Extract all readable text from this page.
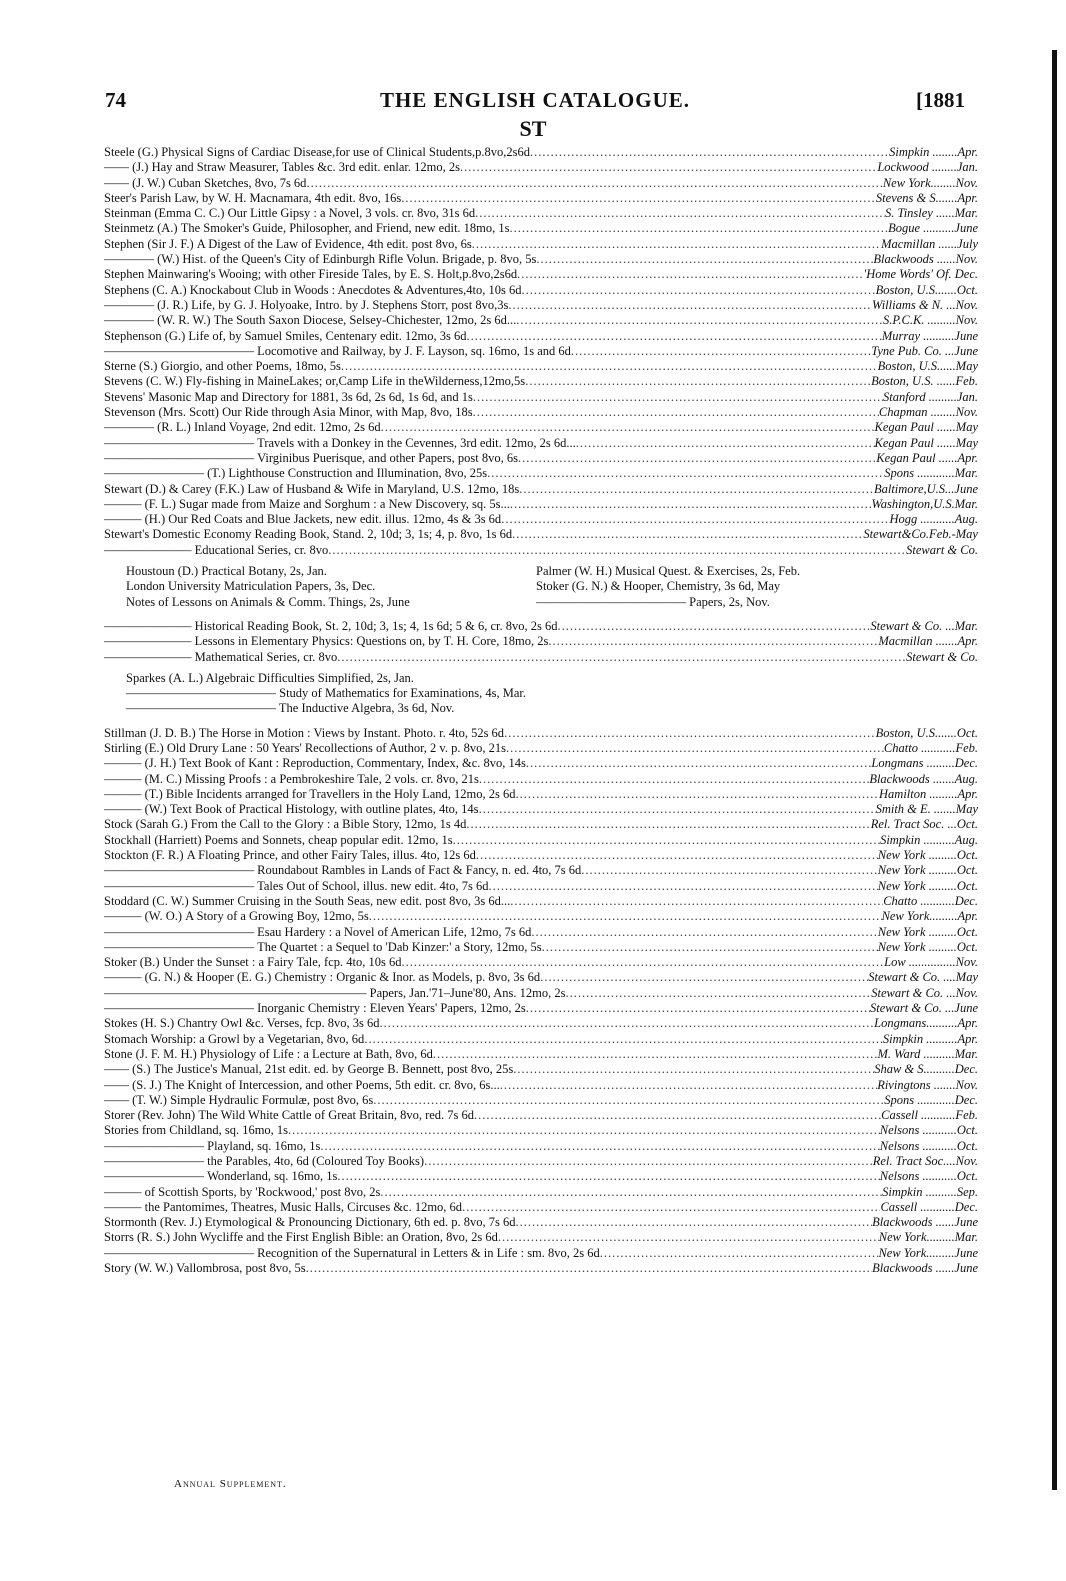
74	THE ENGLISH CATALOGUE.	[1881
ST
Steele (G.) Physical Signs of Cardiac Disease,for use of Clinical Students,p.8vo,2s6d .....	Simpkin ........Apr.
—— (J.) Hay and Straw Measurer, Tables &c. 3rd edit. enlar. 12mo, 2s .....	Lockwood ........Jan.
—— (J. W.) Cuban Sketches, 8vo, 7s 6d .....	New York........Nov.
Steer's Parish Law, by W. H. Macnamara, 4th edit. 8vo, 16s .....	Stevens & S.......Apr.
Steinman (Emma C. C.) Our Little Gipsy : a Novel, 3 vols. cr. 8vo, 31s 6d .....	S. Tinsley ......Mar.
Steinmetz (A.) The Smoker's Guide, Philosopher, and Friend, new edit. 18mo, 1s .....	Bogue ..........June
Stephen (Sir J. F.) A Digest of the Law of Evidence, 4th edit. post 8vo, 6s .....	Macmillan ......July
———— (W.) Hist. of the Queen's City of Edinburgh Rifle Volun. Brigade, p. 8vo, 5s .....	Blackwoods ......Nov.
Stephen Mainwaring's Wooing; with other Fireside Tales, by E. S. Holt,p.8vo,2s6d .....	'Home Words' Of. Dec.
Stephens (C. A.) Knockabout Club in Woods : Anecdotes & Adventures,4to, 10s 6d .....	Boston, U.S.......Oct.
———— (J. R.) Life, by G. J. Holyoake, Intro. by J. Stephens Storr, post 8vo,3s .....	Williams & N. ...Nov.
———— (W. R. W.) The South Saxon Diocese, Selsey-Chichester, 12mo, 2s 6d... .....	S.P.C.K. .........Nov.
Stephenson (G.) Life of, by Samuel Smiles, Centenary edit. 12mo, 3s 6d .....	Murray ..........June
———————————— Locomotive and Railway, by J. F. Layson, sq. 16mo, 1s and 6d .....	Tyne Pub. Co. ...June
Sterne (S.) Giorgio, and other Poems, 18mo, 5s .....	Boston, U.S......May
Stevens (C. W.) Fly-fishing in MaineLakes; or,Camp Life in theWilderness,12mo,5s .....	Boston, U.S. ......Feb.
Stevens' Masonic Map and Directory for 1881, 3s 6d, 2s 6d, 1s 6d, and 1s .....	Stanford .........Jan.
Stevenson (Mrs. Scott) Our Ride through Asia Minor, with Map, 8vo, 18s .....	Chapman ........Nov.
———— (R. L.) Inland Voyage, 2nd edit. 12mo, 2s 6d .....	Kegan Paul ......May
———————————— Travels with a Donkey in the Cevennes, 3rd edit. 12mo, 2s 6d... .....	Kegan Paul ......May
———————————— Virginibus Puerisque, and other Papers, post 8vo, 6s .....	Kegan Paul ......Apr.
———————— (T.) Lighthouse Construction and Illumination, 8vo, 25s .....	Spons ............Mar.
Stewart (D.) & Carey (F.K.) Law of Husband & Wife in Maryland, U.S. 12mo, 18s .....	Baltimore,U.S...June
——— (F. L.) Sugar made from Maize and Sorghum : a New Discovery, sq. 5s... .....	Washington,U.S.Mar.
——— (H.) Our Red Coats and Blue Jackets, new edit. illus. 12mo, 4s & 3s 6d .....	Hogg ...........Aug.
Stewart's Domestic Economy Reading Book, Stand. 2, 10d; 3, 1s; 4, p. 8vo, 1s 6d .....	Stewart&Co.Feb.-May
——————— Educational Series, cr. 8vo .....	Stewart & Co.
Houstoun (D.) Practical Botany, 2s, Jan.	Palmer (W. H.) Musical Quest. & Exercises, 2s, Feb.
London University Matriculation Papers, 3s, Dec.	Stoker (G. N.) & Hooper, Chemistry, 3s 6d, May
Notes of Lessons on Animals & Comm. Things, 2s, June	———————————— Papers, 2s, Nov.
——————— Historical Reading Book, St. 2, 10d; 3, 1s; 4, 1s 6d; 5 & 6, cr. 8vo, 2s 6d .....	Stewart & Co. ...Mar.
——————— Lessons in Elementary Physics: Questions on, by T. H. Core, 18mo, 2s .....	Macmillan .......Apr.
——————— Mathematical Series, cr. 8vo .....	Stewart & Co.
Sparkes (A. L.) Algebraic Difficulties Simplified, 2s, Jan.
———————————— Study of Mathematics for Examinations, 4s, Mar.
———————————— The Inductive Algebra, 3s 6d, Nov.
Stillman (J. D. B.) The Horse in Motion : Views by Instant. Photo. r. 4to, 52s 6d .....	Boston, U.S.......Oct.
Stirling (E.) Old Drury Lane : 50 Years' Recollections of Author, 2 v. p. 8vo, 21s .....	Chatto ...........Feb.
——— (J. H.) Text Book of Kant : Reproduction, Commentary, Index, &c. 8vo, 14s .....	Longmans .........Dec.
——— (M. C.) Missing Proofs : a Pembrokeshire Tale, 2 vols. cr. 8vo, 21s .....	Blackwoods .......Aug.
——— (T.) Bible Incidents arranged for Travellers in the Holy Land, 12mo, 2s 6d .....	Hamilton .........Apr.
——— (W.) Text Book of Practical Histology, with outline plates, 4to, 14s .....	Smith & E. .......May
Stock (Sarah G.) From the Call to the Glory : a Bible Story, 12mo, 1s 4d .....	Rel. Tract Soc. ...Oct.
Stockhall (Harriett) Poems and Sonnets, cheap popular edit. 12mo, 1s .....	Simpkin ..........Aug.
Stockton (F. R.) A Floating Prince, and other Fairy Tales, illus. 4to, 12s 6d .....	New York .........Oct.
———————————— Roundabout Rambles in Lands of Fact & Fancy, n. ed. 4to, 7s 6d .....	New York .........Oct.
———————————— Tales Out of School, illus. new edit. 4to, 7s 6d .....	New York .........Oct.
Stoddard (C. W.) Summer Cruising in the South Seas, new edit. post 8vo, 3s 6d... .....	Chatto ...........Dec.
——— (W. O.) A Story of a Growing Boy, 12mo, 5s .....	New York.........Apr.
———————————— Esau Hardery : a Novel of American Life, 12mo, 7s 6d .....	New York .........Oct.
———————————— The Quartet : a Sequel to 'Dab Kinzer:' a Story, 12mo, 5s .....	New York .........Oct.
Stoker (B.) Under the Sunset : a Fairy Tale, fcp. 4to, 10s 6d .....	Low ...............Nov.
——— (G. N.) & Hooper (E. G.) Chemistry : Organic & Inor. as Models, p. 8vo, 3s 6d .....	Stewart & Co. ....May
————————————————————— Papers, Jan.'71–June'80, Ans. 12mo, 2s .....	Stewart & Co. ...Nov.
———————————— Inorganic Chemistry : Eleven Years' Papers, 12mo, 2s .....	Stewart & Co. ...June
Stokes (H. S.) Chantry Owl &c. Verses, fcp. 8vo, 3s 6d .....	Longmans..........Apr.
Stomach Worship: a Growl by a Vegetarian, 8vo, 6d .....	Simpkin ..........Apr.
Stone (J. F. M. H.) Physiology of Life : a Lecture at Bath, 8vo, 6d .....	M. Ward ..........Mar.
—— (S.) The Justice's Manual, 21st edit. ed. by George B. Bennett, post 8vo, 25s .....	Shaw & S..........Dec.
—— (S. J.) The Knight of Intercession, and other Poems, 5th edit. cr. 8vo, 6s... .....	Rivingtons .......Nov.
—— (T. W.) Simple Hydraulic Formulæ, post 8vo, 6s .....	Spons ............Dec.
Storer (Rev. John) The Wild White Cattle of Great Britain, 8vo, red. 7s 6d .....	Cassell ...........Feb.
Stories from Childland, sq. 16mo, 1s .....	Nelsons ...........Oct.
———————— Playland, sq. 16mo, 1s .....	Nelsons ...........Oct.
———————— the Parables, 4to, 6d (Coloured Toy Books) .....	Rel. Tract Soc....Nov.
———————— Wonderland, sq. 16mo, 1s .....	Nelsons ...........Oct.
——— of Scottish Sports, by 'Rockwood,' post 8vo, 2s .....	Simpkin ..........Sep.
——— the Pantomimes, Theatres, Music Halls, Circuses &c. 12mo, 6d .....	Cassell ...........Dec.
Stormonth (Rev. J.) Etymological & Pronouncing Dictionary, 6th ed. p. 8vo, 7s 6d .....	Blackwoods ......June
Storrs (R. S.) John Wycliffe and the First English Bible: an Oration, 8vo, 2s 6d .....	New York.........Mar.
———————————— Recognition of the Supernatural in Letters & in Life : sm. 8vo, 2s 6d .....	New York.........June
Story (W. W.) Vallombrosa, post 8vo, 5s .....	Blackwoods ......June
Annual Supplement.
